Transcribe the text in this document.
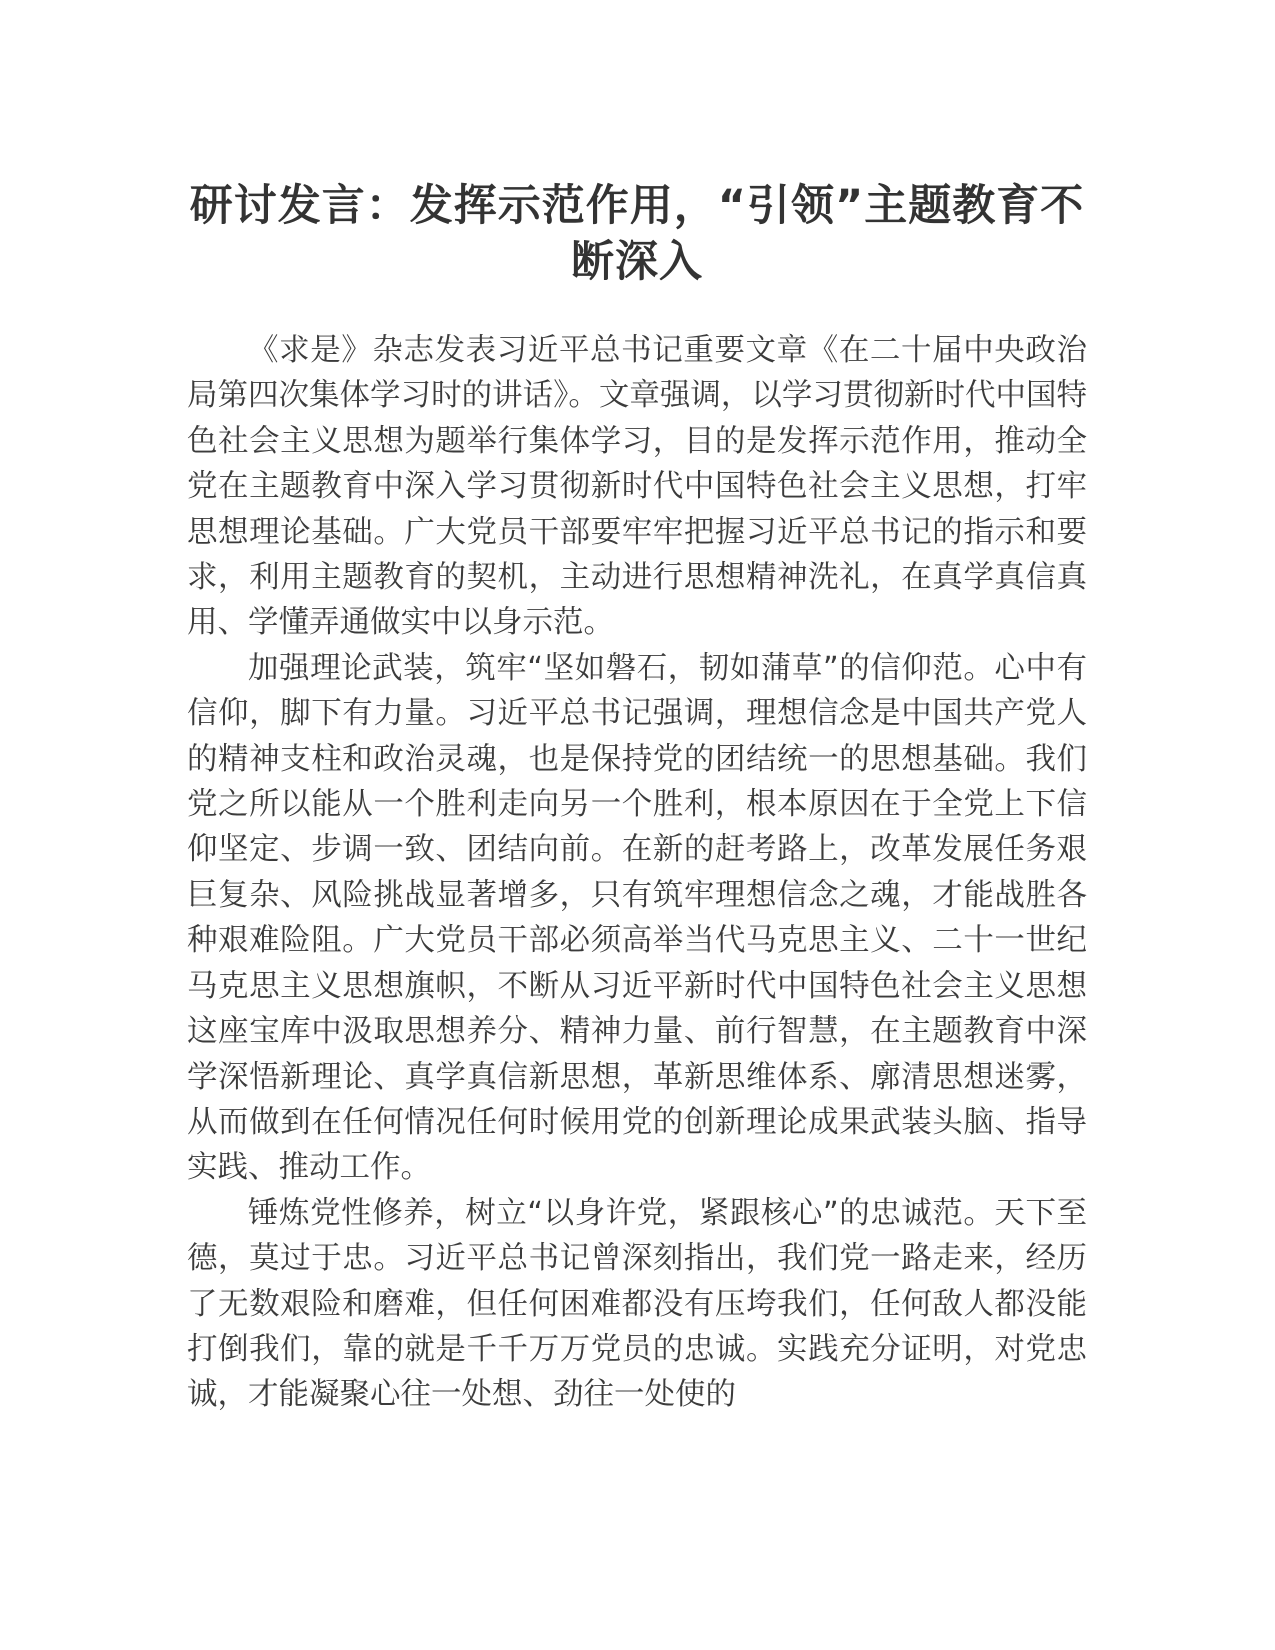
研讨发言：发挥示范作用，“引领”主题教育不断深入

《求是》杂志发表习近平总书记重要文章《在二十届中央政治局第四次集体学习时的讲话》。文章强调，以学习贯彻新时代中国特色社会主义思想为题举行集体学习，目的是发挥示范作用，推动全党在主题教育中深入学习贯彻新时代中国特色社会主义思想，打牢思想理论基础。广大党员干部要牢牢把握习近平总书记的指示和要求，利用主题教育的契机，主动进行思想精神洗礼，在真学真信真用、学懂弄通做实中以身示范。

加强理论武装，筑牢“坚如磐石，韧如蒲草”的信仰范。心中有信仰，脚下有力量。习近平总书记强调，理想信念是中国共产党人的精神支柱和政治灵魂，也是保持党的团结统一的思想基础。我们党之所以能从一个胜利走向另一个胜利，根本原因在于全党上下信仰坚定、步调一致、团结向前。在新的赶考路上，改革发展任务艰巨复杂、风险挑战显著增多，只有筑牢理想信念之魂，才能战胜各种艰难险阻。广大党员干部必须高举当代马克思主义、二十一世纪马克思主义思想旗帜，不断从习近平新时代中国特色社会主义思想这座宝库中汲取思想养分、精神力量、前行智慧，在主题教育中深学深悟新理论、真学真信新思想，革新思维体系、廓清思想迷雾，从而做到在任何情况任何时候用党的创新理论成果武装头脑、指导实践、推动工作。

锤炼党性修养，树立“以身许党，紧跟核心”的忠诚范。天下至德，莫过于忠。习近平总书记曾深刻指出，我们党一路走来，经历了无数艰险和磨难，但任何困难都没有压垮我们，任何敌人都没能打倒我们，靠的就是千千万万党员的忠诚。实践充分证明，对党忠诚，才能凝聚心往一处想、劲往一处使的
